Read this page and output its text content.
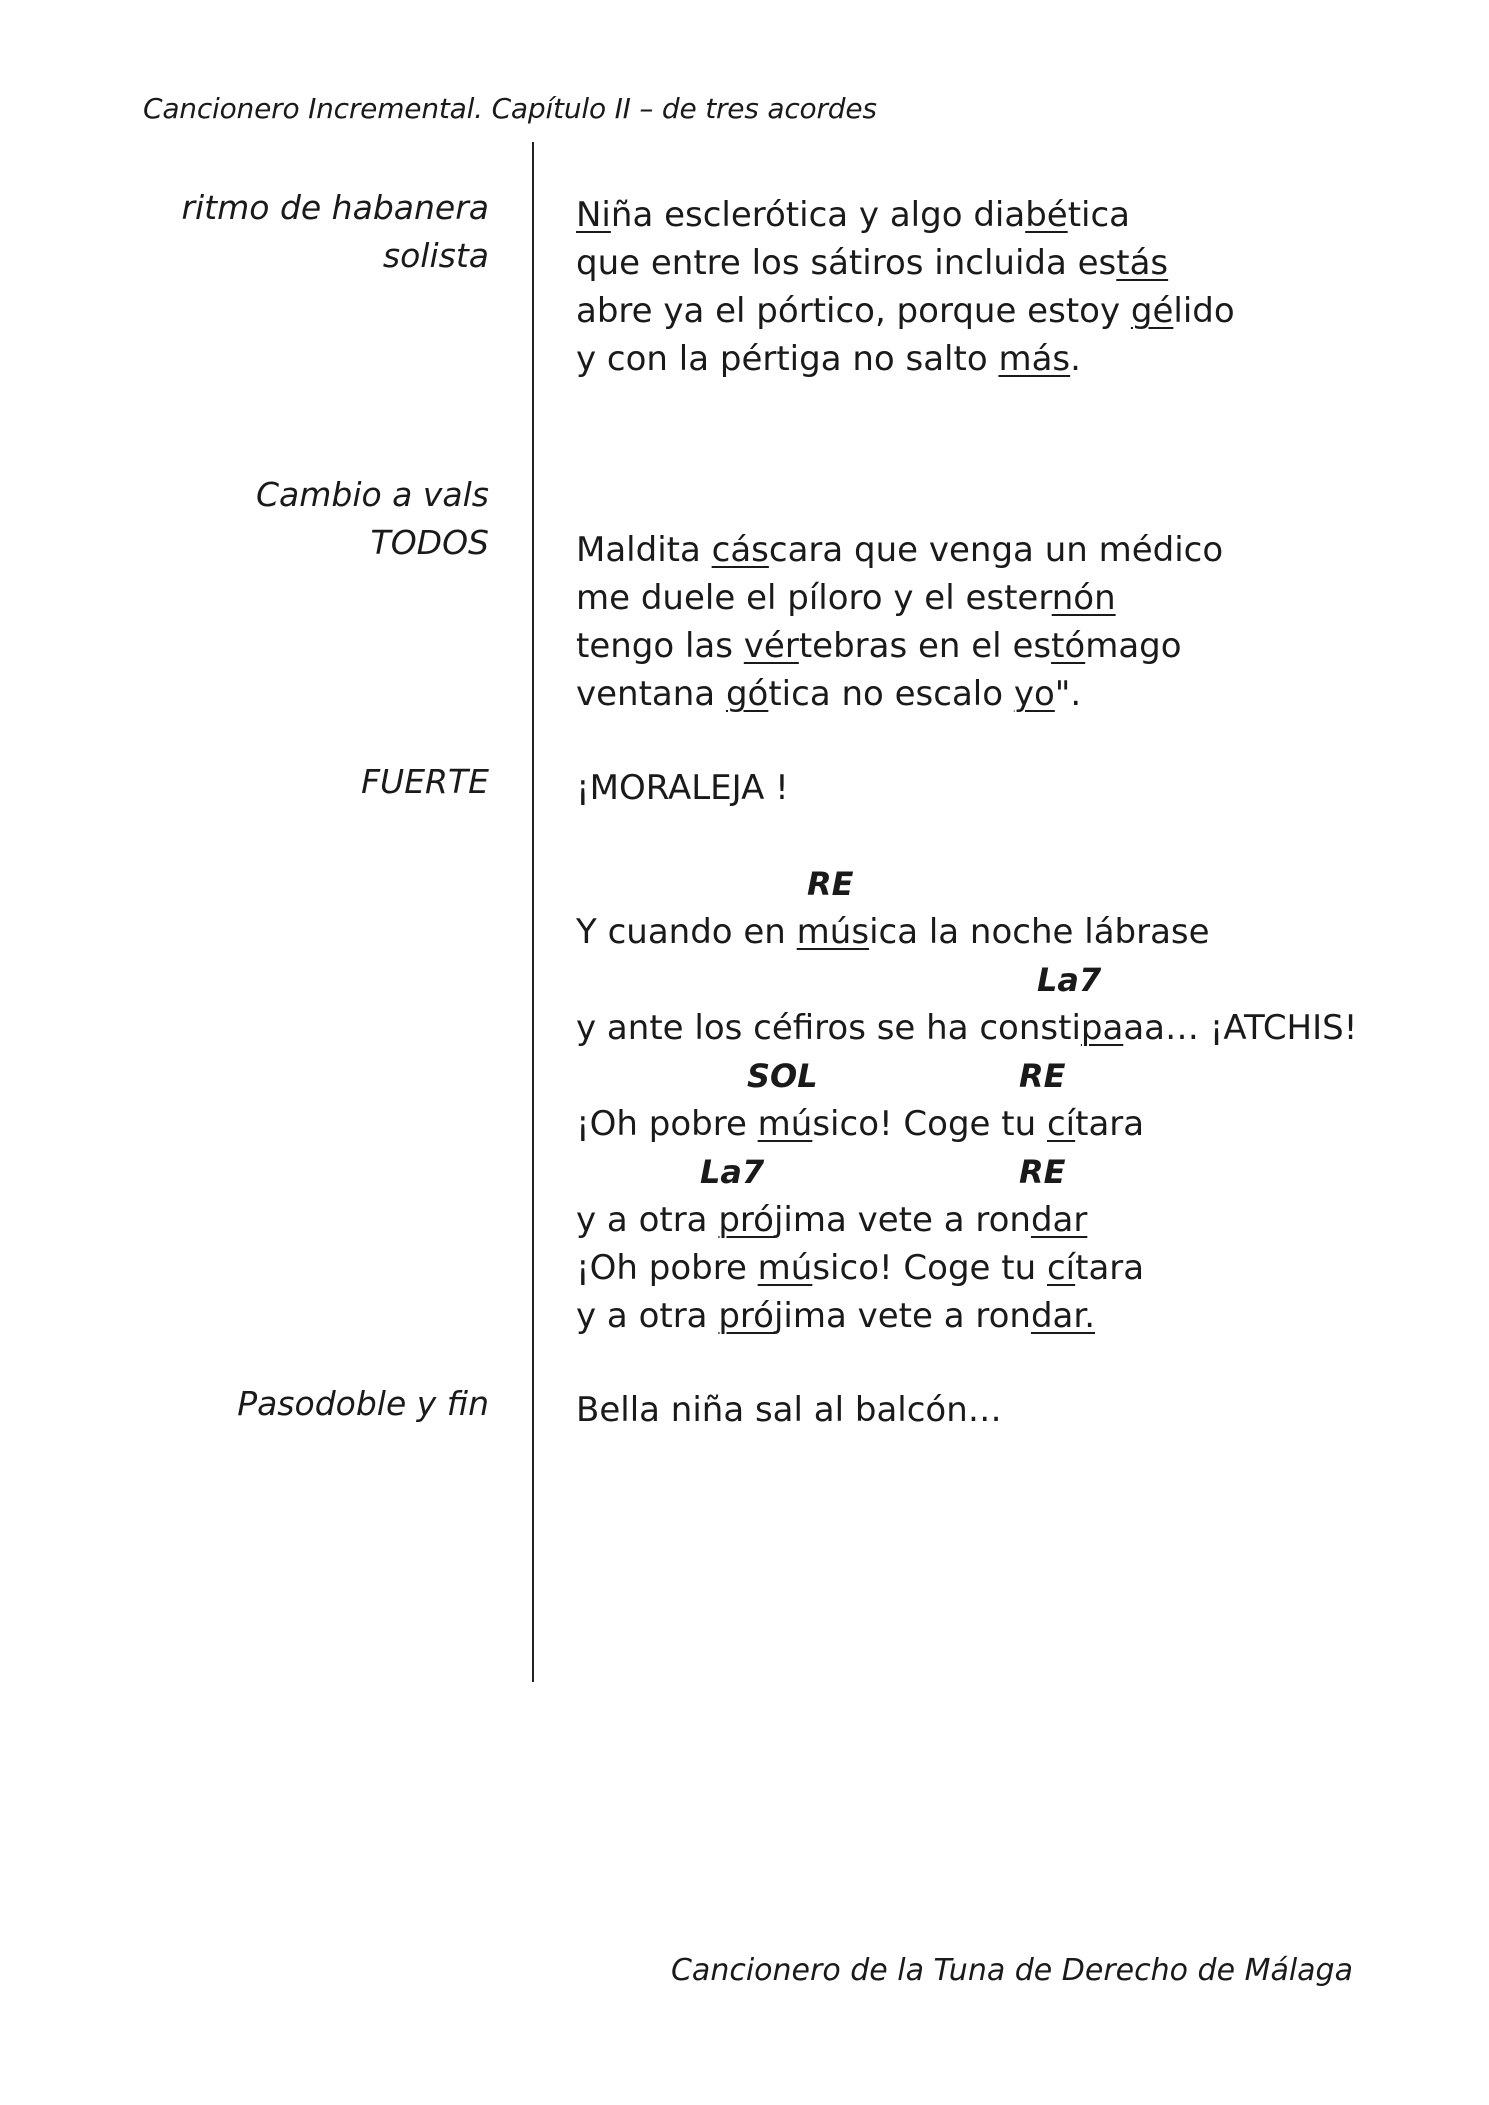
Cancionero Incremental. Capítulo II – de tres acordes
ritmo de habanera
solista
Cambio a vals
TODOS
FUERTE
Pasodoble y fin
Niña esclerótica y algo diabética
que entre los sátiros incluida estás
abre ya el pórtico, porque estoy gélido
y con la pértiga no salto más.
Maldita cáscara que venga un médico
me duele el píloro y el esternón
tengo las vértebras en el estómago
ventana gótica no escalo yo".
¡MORALEJA !

RE

Y cuando en música la noche lábrase

La7

y ante los céfiros se ha constipaaa… ¡ATCHIS!

SOL

	RE

¡Oh pobre músico! Coge tu cítara

La7

	RE

y a otra prójima vete a rondar
¡Oh pobre músico! Coge tu cítara
y a otra prójima vete a rondar.
Bella niña sal al balcón…
Cancionero de la Tuna de Derecho de Málaga
